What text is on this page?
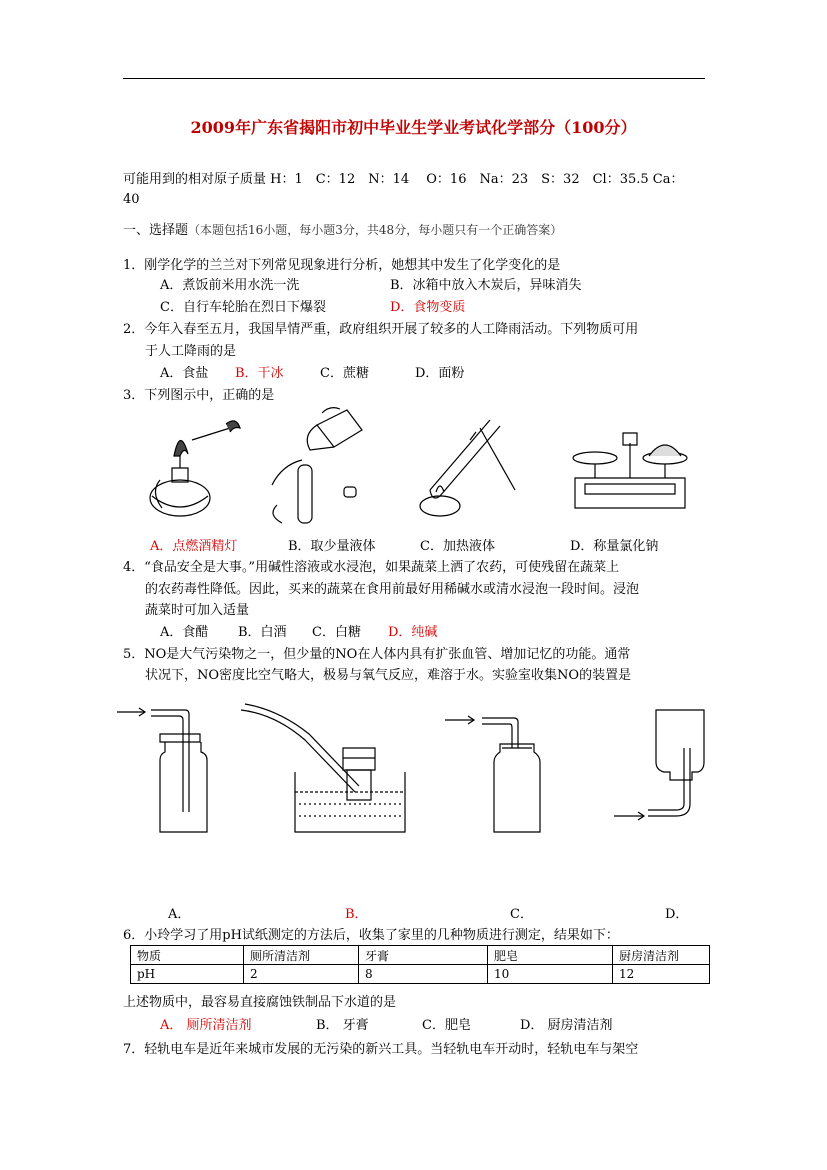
2009年广东省揭阳市初中毕业生学业考试化学部分（100分）
可能用到的相对原子质量 H：1　C：12　N：14　 O：16　Na：23　S：32　Cl：35.5 Ca：
40
一、选择题（本题包括16小题，每小题3分，共48分，每小题只有一个正确答案）
1．刚学化学的兰兰对下列常见现象进行分析，她想其中发生了化学变化的是
A．煮饭前米用水洗一洗	B．冰箱中放入木炭后，异味消失
C．自行车轮胎在烈日下爆裂	D．食物变质
2．今年入春至五月，我国旱情严重，政府组织开展了较多的人工降雨活动。下列物质可用
于人工降雨的是
A．食盐 B．干冰	C．蔗糖	D．面粉
3．下列图示中，正确的是
A．点燃酒精灯	B．取少量液体	C．加热液体	D．称量氯化钠
4．“食品安全是大事。”用碱性溶液或水浸泡，如果蔬菜上洒了农药，可使残留在蔬菜上
的农药毒性降低。因此，买来的蔬菜在食用前最好用稀碱水或清水浸泡一段时间。浸泡
蔬菜时可加入适量
A．食醋 B．白酒 C．白糖 D．纯碱
5．NO是大气污染物之一，但少量的NO在人体内具有扩张血管、增加记忆的功能。通常
状况下，NO密度比空气略大，极易与氧气反应，难溶于水。实验室收集NO的装置是
A．	B．	C．	D．
6．小玲学习了用pH试纸测定的方法后，收集了家里的几种物质进行测定，结果如下：
物质	厕所清洁剂	牙膏	肥皂	厨房清洁剂
pH	2	8	10	12
上述物质中，最容易直接腐蚀铁制品下水道的是
A． 厕所清洁剂	B． 牙膏	C．肥皂	D． 厨房清洁剂
7．轻轨电车是近年来城市发展的无污染的新兴工具。当轻轨电车开动时，轻轨电车与架空
